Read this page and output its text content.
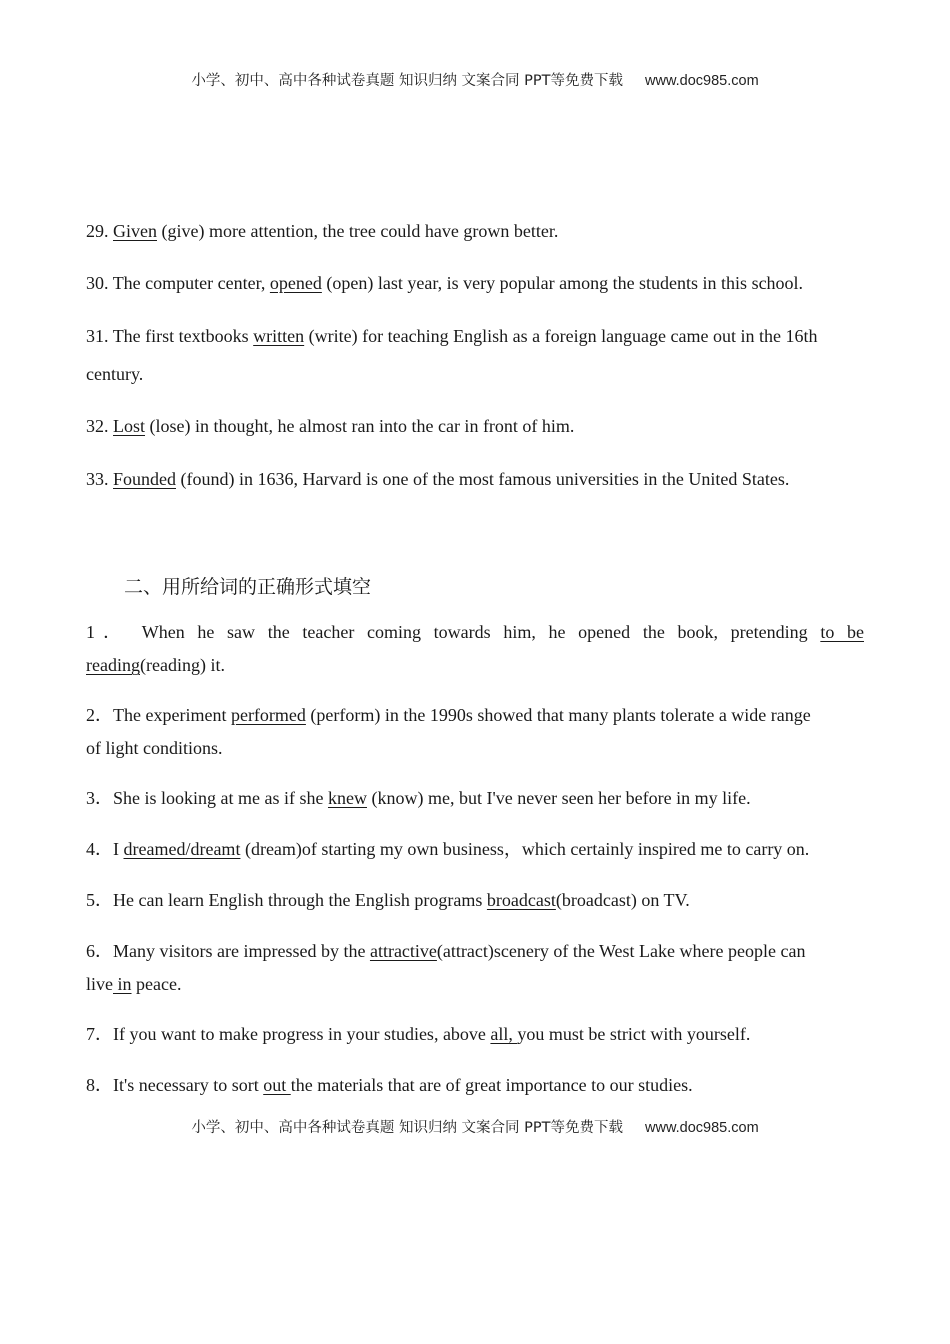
小学、初中、高中各种试卷真题 知识归纳 文案合同 PPT等免费下载 www.doc985.com
29. Given (give) more attention, the tree could have grown better.
30. The computer center, opened (open) last year, is very popular among the students in this school.
31. The first textbooks written (write) for teaching English as a foreign language came out in the 16th
century.
32. Lost (lose) in thought, he almost ran into the car in front of him.
33. Founded (found) in 1636, Harvard is one of the most famous universities in the United States.
二、用所给词的正确形式填空
1． When he saw the teacher coming towards him, he opened the book, pretending to be
reading(reading) it.
2．The experiment performed (perform) in the 1990s showed that many plants tolerate a wide range
of light conditions.
3．She is looking at me as if she knew (know) me, but I've never seen her before in my life.
4．I dreamed/dreamt (dream)of starting my own business，which certainly inspired me to carry on.
5．He can learn English through the English programs broadcast(broadcast) on TV.
6．Many visitors are impressed by the attractive(attract)scenery of the West Lake where people can
live in peace.
7．If you want to make progress in your studies, above all, you must be strict with yourself.
8．It's necessary to sort out the materials that are of great importance to our studies.
小学、初中、高中各种试卷真题 知识归纳 文案合同 PPT等免费下载 www.doc985.com
